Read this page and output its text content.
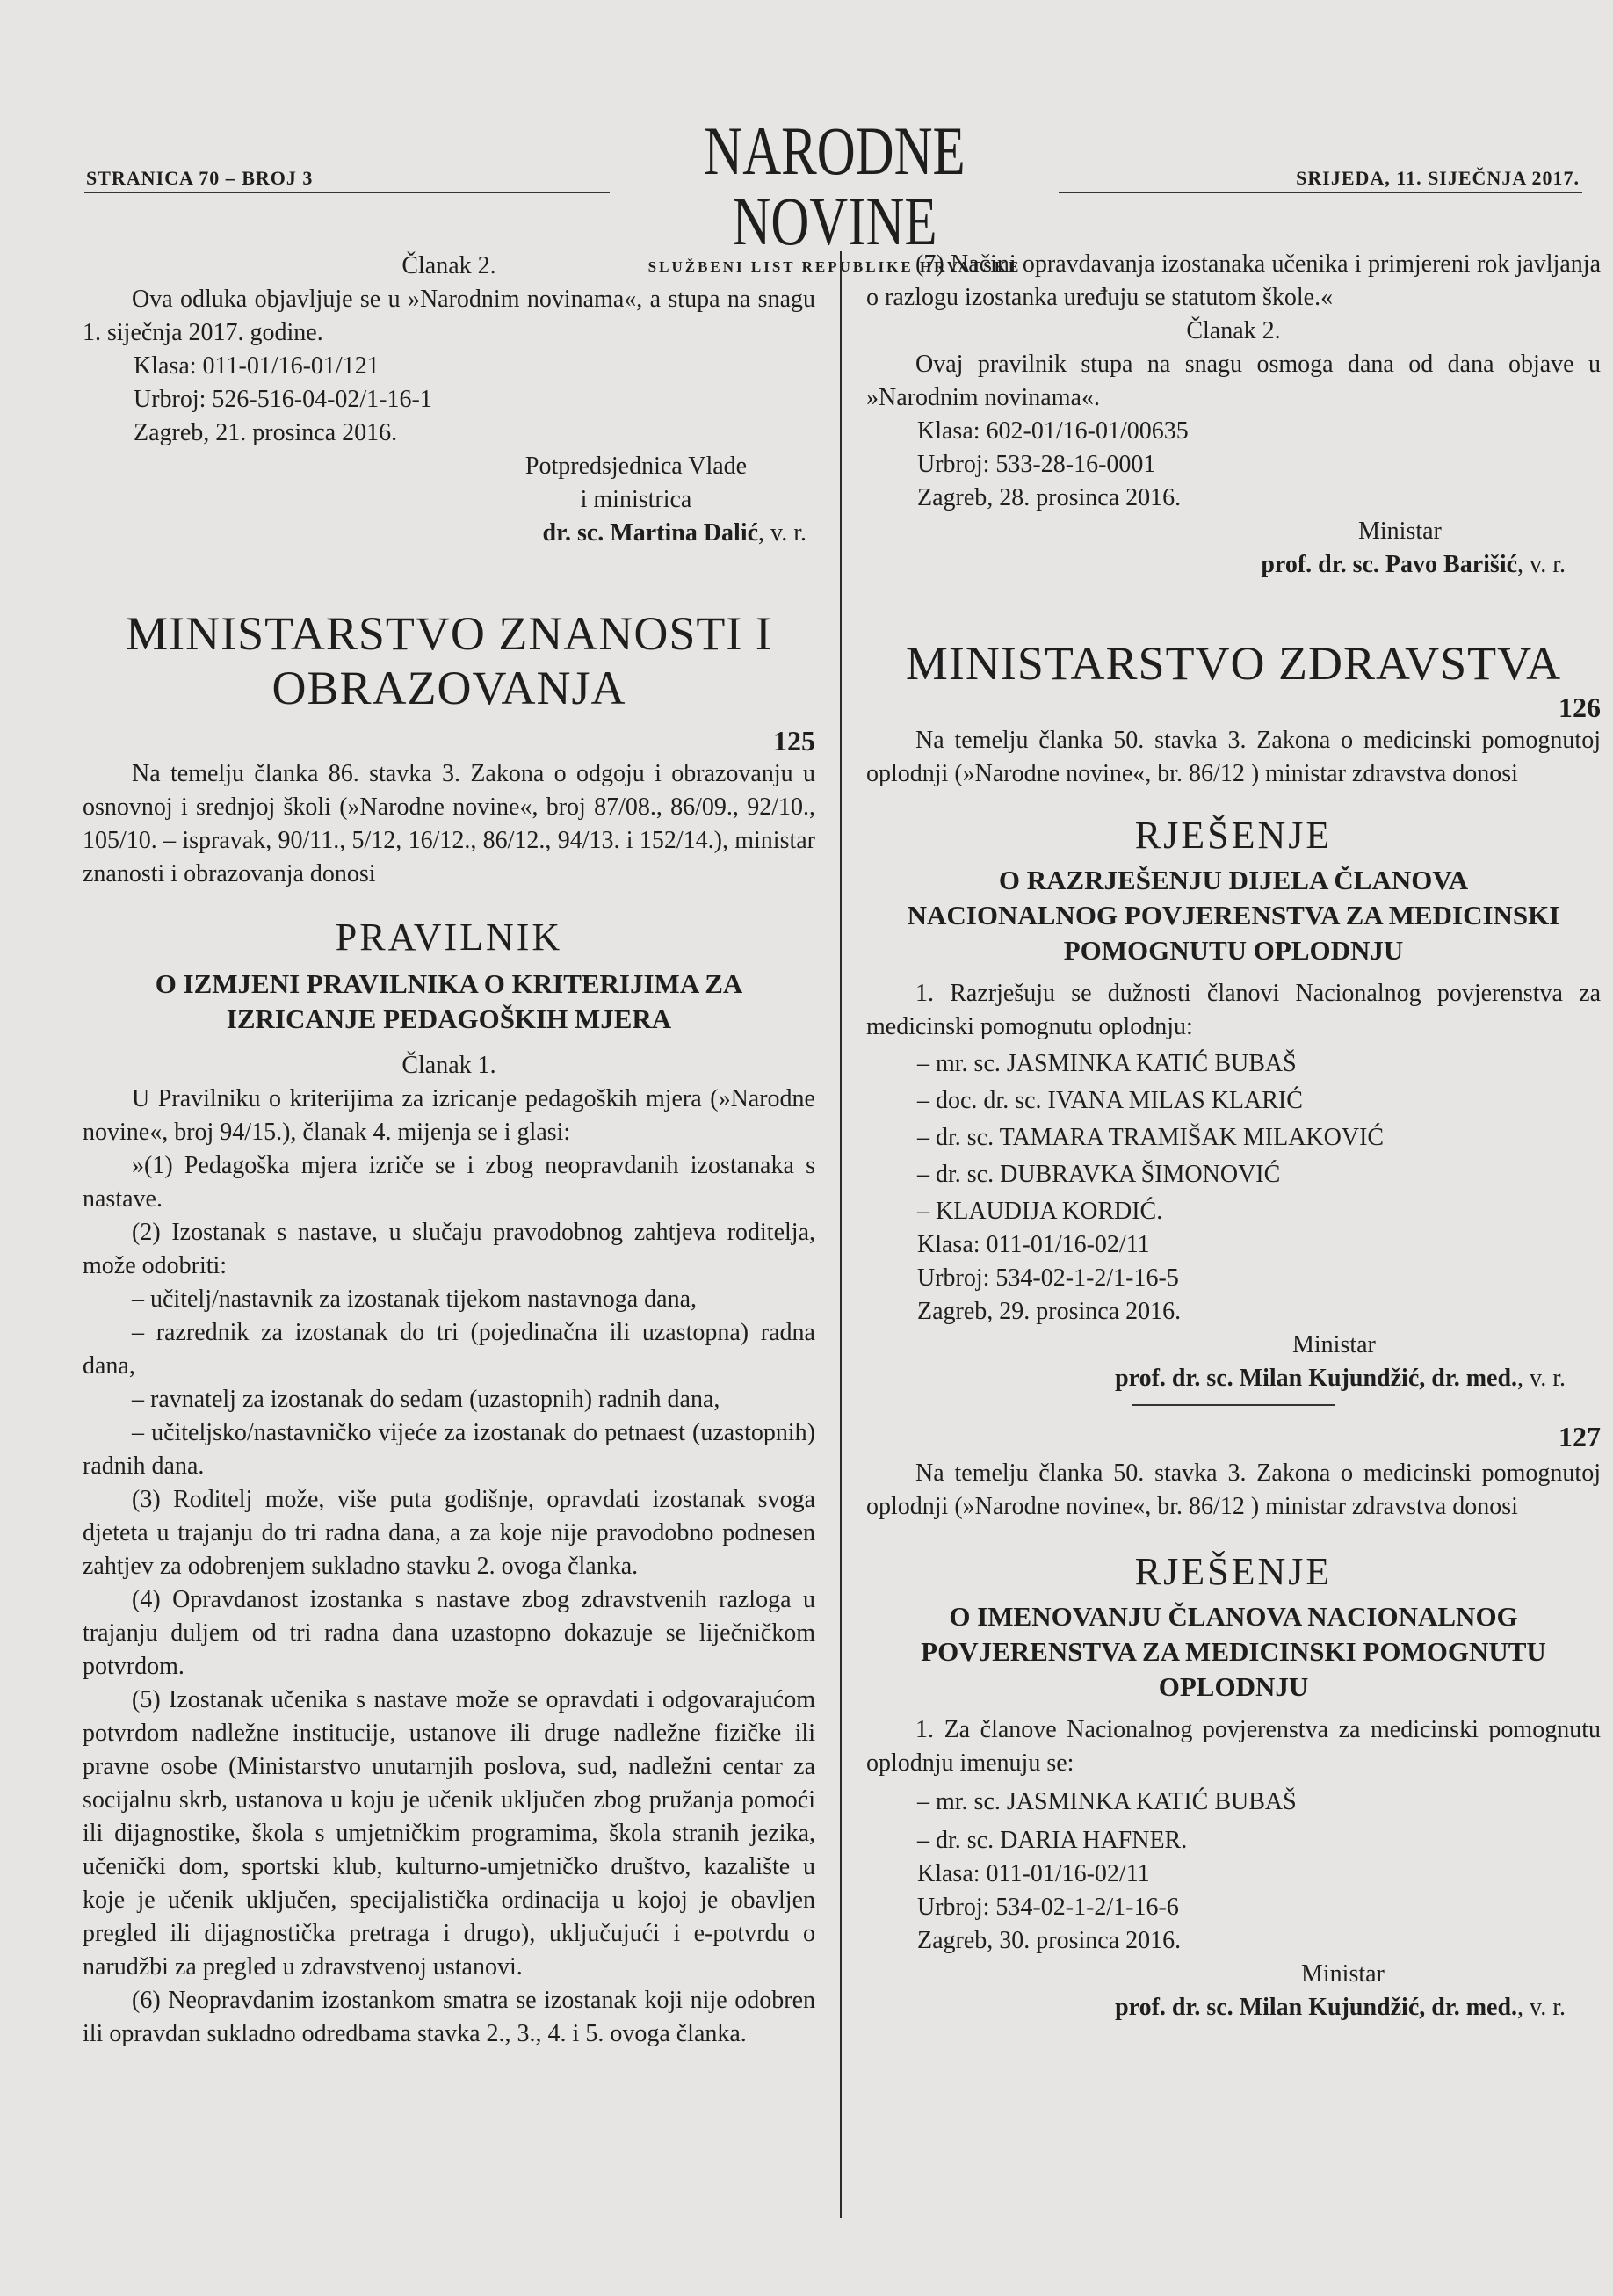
STRANICA 70 – BROJ 3	NARODNE NOVINE
SLUŽBENI LIST REPUBLIKE HRVATSKE
SRIJEDA, 11. SIJEČNJA 2017.

Članak 2.

Ova odluka objavljuje se u »Narodnim novinama«, a stupa na snagu 1. siječnja 2017. godine.

Klasa: 011-01/16-01/121

Urbroj: 526-516-04-02/1-16-1

Zagreb, 21. prosinca 2016.

Potpredsjednica Vlade

i ministrica

dr. sc. Martina Dalić, v. r.

MINISTARSTVO ZNANOSTI I
OBRAZOVANJA

125

Na temelju članka 86. stavka 3. Zakona o odgoju i obrazovanju u osnovnoj i srednjoj školi (»Narodne novine«, broj 87/08., 86/09., 92/10., 105/10. – ispravak, 90/11., 5/12, 16/12., 86/12., 94/13. i 152/14.), ministar znanosti i obrazovanja donosi

PRAVILNIK
O IZMJENI PRAVILNIKA O KRITERIJIMA ZA
IZRICANJE PEDAGOŠKIH MJERA

Članak 1.

U Pravilniku o kriterijima za izricanje pedagoških mjera (»Narodne novine«, broj 94/15.), članak 4. mijenja se i glasi:

»(1) Pedagoška mjera izriče se i zbog neopravdanih izostanaka s nastave.

(2) Izostanak s nastave, u slučaju pravodobnog zahtjeva roditelja, može odobriti:

– učitelj/nastavnik za izostanak tijekom nastavnoga dana,

– razrednik za izostanak do tri (pojedinačna ili uzastopna) radna dana,

– ravnatelj za izostanak do sedam (uzastopnih) radnih dana,

– učiteljsko/nastavničko vijeće za izostanak do petnaest (uzastopnih) radnih dana.

(3) Roditelj može, više puta godišnje, opravdati izostanak svoga djeteta u trajanju do tri radna dana, a za koje nije pravodobno podnesen zahtjev za odobrenjem sukladno stavku 2. ovoga članka.

(4) Opravdanost izostanka s nastave zbog zdravstvenih razloga u trajanju duljem od tri radna dana uzastopno dokazuje se liječničkom potvrdom.

(5) Izostanak učenika s nastave može se opravdati i odgovarajućom potvrdom nadležne institucije, ustanove ili druge nadležne fizičke ili pravne osobe (Ministarstvo unutarnjih poslova, sud, nadležni centar za socijalnu skrb, ustanova u koju je učenik uključen zbog pružanja pomoći ili dijagnostike, škola s umjetničkim programima, škola stranih jezika, učenički dom, sportski klub, kulturno-umjetničko društvo, kazalište u koje je učenik uključen, specijalistička ordinacija u kojoj je obavljen pregled ili dijagnostička pretraga i drugo), uključujući i e-potvrdu o narudžbi za pregled u zdravstvenoj ustanovi.

(6) Neopravdanim izostankom smatra se izostanak koji nije odobren ili opravdan sukladno odredbama stavka 2., 3., 4. i 5. ovoga članka.

(7) Načini opravdavanja izostanaka učenika i primjereni rok javljanja o razlogu izostanka uređuju se statutom škole.«

Članak 2.

Ovaj pravilnik stupa na snagu osmoga dana od dana objave u »Narodnim novinama«.

Klasa: 602-01/16-01/00635

Urbroj: 533-28-16-0001

Zagreb, 28. prosinca 2016.

Ministar

prof. dr. sc. Pavo Barišić, v. r.

MINISTARSTVO ZDRAVSTVA

126

Na temelju članka 50. stavka 3. Zakona o medicinski pomognutoj oplodnji (»Narodne novine«, br. 86/12 ) ministar zdravstva donosi

RJEŠENJE
O RAZRJEŠENJU DIJELA ČLANOVA
NACIONALNOG POVJERENSTVA ZA MEDICINSKI
POMOGNUTU OPLODNJU

1. Razrješuju se dužnosti članovi Nacionalnog povjerenstva za medicinski pomognutu oplodnju:

– mr. sc. JASMINKA KATIĆ BUBAŠ

– doc. dr. sc. IVANA MILAS KLARIĆ

– dr. sc. TAMARA TRAMIŠAK MILAKOVIĆ

– dr. sc. DUBRAVKA ŠIMONOVIĆ

– KLAUDIJA KORDIĆ.

Klasa: 011-01/16-02/11

Urbroj: 534-02-1-2/1-16-5

Zagreb, 29. prosinca 2016.

Ministar

prof. dr. sc. Milan Kujundžić, dr. med., v. r.

127

Na temelju članka 50. stavka 3. Zakona o medicinski pomognutoj oplodnji (»Narodne novine«, br. 86/12 ) ministar zdravstva donosi

RJEŠENJE
O IMENOVANJU ČLANOVA NACIONALNOG
POVJERENSTVA ZA MEDICINSKI POMOGNUTU
OPLODNJU

1. Za članove Nacionalnog povjerenstva za medicinski pomognutu oplodnju imenuju se:

– mr. sc. JASMINKA KATIĆ BUBAŠ

– dr. sc. DARIA HAFNER.

Klasa: 011-01/16-02/11

Urbroj: 534-02-1-2/1-16-6

Zagreb, 30. prosinca 2016.

Ministar

prof. dr. sc. Milan Kujundžić, dr. med., v. r.
